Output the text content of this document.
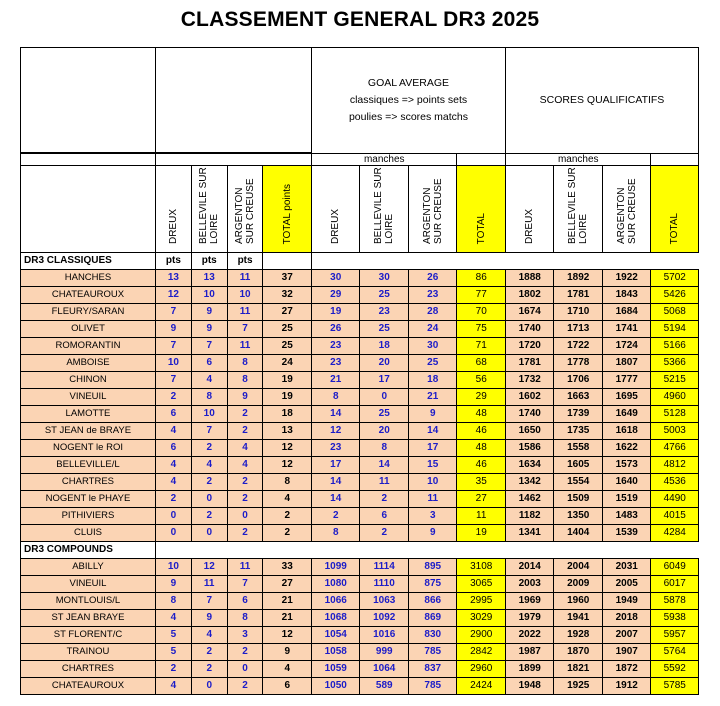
CLASSEMENT GENERAL DR3 2025

					GOAL AVERAGE
classiques => points sets
poulies => scores matchs				SCORES QUALIFICATIFS			

					manches				manches			
	DREUX	BELLEVILE SUR LOIRE	ARGENTON SUR CREUSE	TOTAL points	DREUX	BELLEVILE SUR LOIRE	ARGENTON SUR CREUSE	TOTAL	DREUX	BELLEVILE SUR LOIRE	ARGENTON SUR CREUSE	TOTAL
DR3 CLASSIQUES	pts	pts	pts									
HANCHES	13	13	11	37	30	30	26	86	1888	1892	1922	5702
CHATEAUROUX	12	10	10	32	29	25	23	77	1802	1781	1843	5426
FLEURY/SARAN	7	9	11	27	19	23	28	70	1674	1710	1684	5068
OLIVET	9	9	7	25	26	25	24	75	1740	1713	1741	5194
ROMORANTIN	7	7	11	25	23	18	30	71	1720	1722	1724	5166
AMBOISE	10	6	8	24	23	20	25	68	1781	1778	1807	5366
CHINON	7	4	8	19	21	17	18	56	1732	1706	1777	5215
VINEUIL	2	8	9	19	8	0	21	29	1602	1663	1695	4960
LAMOTTE	6	10	2	18	14	25	9	48	1740	1739	1649	5128
ST JEAN de BRAYE	4	7	2	13	12	20	14	46	1650	1735	1618	5003
NOGENT le ROI	6	2	4	12	23	8	17	48	1586	1558	1622	4766
BELLEVILLE/L	4	4	4	12	17	14	15	46	1634	1605	1573	4812
CHARTRES	4	2	2	8	14	11	10	35	1342	1554	1640	4536
NOGENT le PHAYE	2	0	2	4	14	2	11	27	1462	1509	1519	4490
PITHIVIERS	0	2	0	2	2	6	3	11	1182	1350	1483	4015
CLUIS	0	0	2	2	8	2	9	19	1341	1404	1539	4284
DR3 COMPOUNDS												
ABILLY	10	12	11	33	1099	1114	895	3108	2014	2004	2031	6049
VINEUIL	9	11	7	27	1080	1110	875	3065	2003	2009	2005	6017
MONTLOUIS/L	8	7	6	21	1066	1063	866	2995	1969	1960	1949	5878
ST JEAN BRAYE	4	9	8	21	1068	1092	869	3029	1979	1941	2018	5938
ST FLORENT/C	5	4	3	12	1054	1016	830	2900	2022	1928	2007	5957
TRAINOU	5	2	2	9	1058	999	785	2842	1987	1870	1907	5764
CHARTRES	2	2	0	4	1059	1064	837	2960	1899	1821	1872	5592
CHATEAUROUX	4	0	2	6	1050	589	785	2424	1948	1925	1912	5785
